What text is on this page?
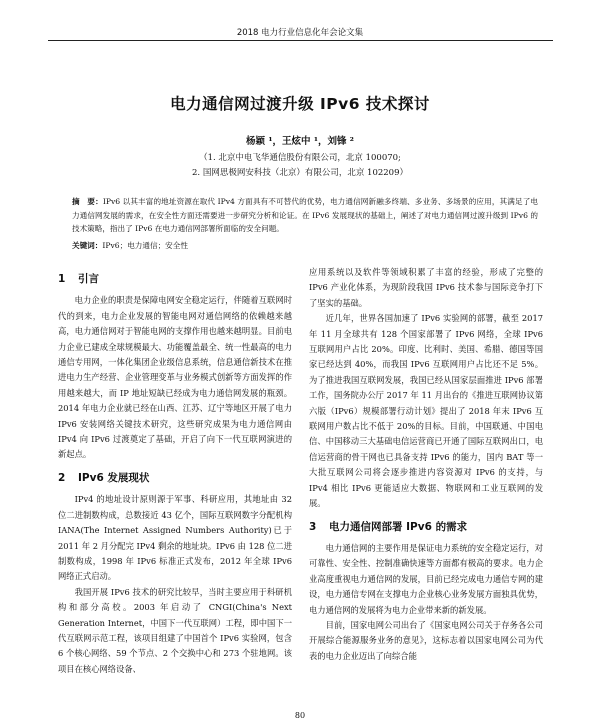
2018 电力行业信息化年会论文集
电力通信网过渡升级 IPv6 技术探讨
杨颖 ¹，王炫中 ¹，刘锋 ²
（1. 北京中电飞华通信股份有限公司，北京 100070;
2. 国网思极网安科技（北京）有限公司，北京 102209）
摘　要：IPv6 以其丰富的地址资源在取代 IPv4 方面具有不可替代的优势，电力通信网新融多终端、多业务、多场景的应用，其满足了电力通信网发展的需求，在安全性方面还需要进一步研究分析和论证。在 IPv6 发展现状的基础上，阐述了对电力通信网过渡升级到 IPv6 的技术策略，指出了 IPv6 在电力通信网部署所面临的安全问题。
关键词：IPv6；电力通信；安全性
1 引言

电力企业的职责是保障电网安全稳定运行，伴随着互联网时代的到来，电力企业发展的智能电网对通信网络的依赖越来越高，电力通信网对于智能电网的支撑作用也越来越明显。目前电力企业已建成全球规模最大、功能覆盖最全、统一性最高的电力通信专用网，一体化集团企业级信息系统，信息通信新技术在推进电力生产经营、企业管理变革与业务模式创新等方面发挥的作用越来越大，而 IP 地址短缺已经成为电力通信网发展的瓶颈。2014 年电力企业就已经在山西、江苏、辽宁等地区开展了电力 IPv6 安装网络关键技术研究，这些研究成果为电力通信网由 IPv4 向 IPv6 过渡奠定了基础，开启了向下一代互联网演进的新起点。

2 IPv6 发展现状

IPv4 的地址设计原则源于军事、科研应用，其地址由 32 位二进制数构成，总数接近 43 亿个，国际互联网数字分配机构 IANA(The Internet Assigned Numbers Authority)已于 2011 年 2 月分配完 IPv4 剩余的地址块。IPv6 由 128 位二进制数构成，1998 年 IPv6 标准正式发布，2012 年全球 IPv6 网络正式启动。

我国开展 IPv6 技术的研究比较早，当时主要应用于科研机构和部分高校。2003 年启动了 CNGI(China's Next Generation Internet，中国下一代互联网）工程，即中国下一代互联网示范工程，该项目组建了中国首个 IPv6 实验网，包含 6 个核心网络、59 个节点、2 个交换中心和 273 个驻地网。该项目在核心网络设备、

应用系统以及软件等领域积累了丰富的经验，形成了完整的 IPv6 产业化体系，为现阶段我国 IPv6 技术参与国际竞争打下了坚实的基础。

近几年，世界各国加速了 IPv6 实验网的部署，截至 2017 年 11 月全球共有 128 个国家部署了 IPv6 网络，全球 IPv6 互联网用户占比 20%。印度、比利时、美国、希腊、德国等国家已经达到 40%，而我国 IPv6 互联网用户占比还不足 5%。为了推进我国互联网发展，我国已经从国家层面推进 IPv6 部署工作，国务院办公厅 2017 年 11 月出台的《推进互联网协议第六版（IPv6）规模部署行动计划》提出了 2018 年末 IPv6 互联网用户数占比不低于 20%的目标。目前，中国联通、中国电信、中国移动三大基础电信运营商已开通了国际互联网出口，电信运营商的骨干网也已具备支持 IPv6 的能力，国内 BAT 等一大批互联网公司将会逐步推进内容资源对 IPv6 的支持，与 IPv4 相比 IPv6 更能适应大数据、物联网和工业互联网的发展。

3 电力通信网部署 IPv6 的需求

电力通信网的主要作用是保证电力系统的安全稳定运行，对可靠性、安全性、控制准确快速等方面都有极高的要求。电力企业高度重视电力通信网的发展，目前已经完成电力通信专网的建设，电力通信专网在支撑电力企业核心业务发展方面独具优势，电力通信网的发展将为电力企业带来新的新发展。

目前，国家电网公司出台了《国家电网公司关于存务各公司开展综合能源服务业务的意见》，这标志着以国家电网公司为代表的电力企业迈出了向综合能

80
